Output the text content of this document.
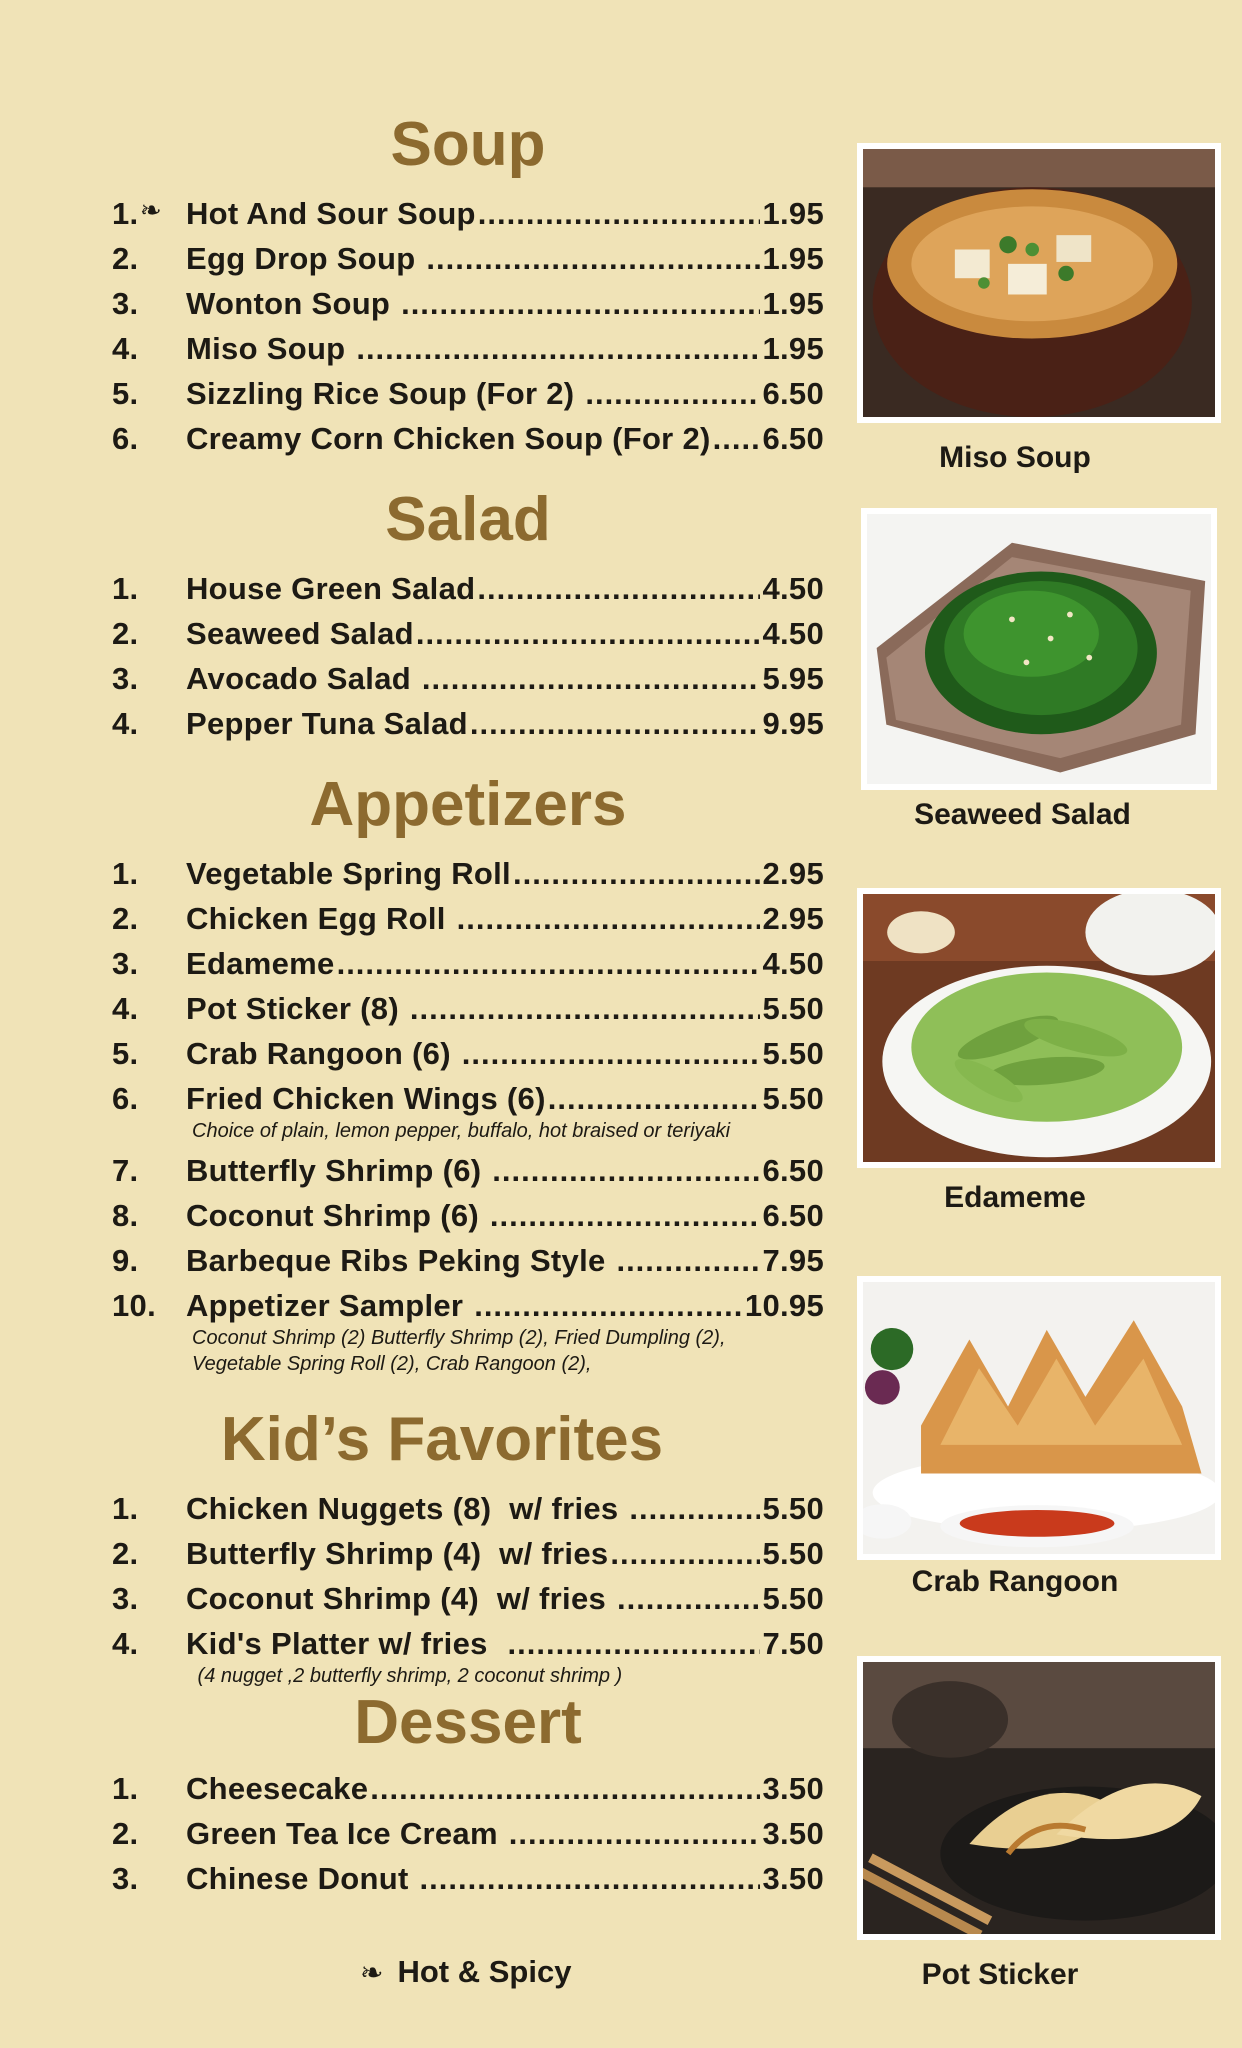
Soup
1. ❧ Hot And Sour Soup .....	1.95
2.	Egg Drop Soup .....	1.95
3.	Wonton Soup .....	1.95
4.	Miso Soup .....	1.95
5.	Sizzling Rice Soup (For 2) .....	6.50
6.	Creamy Corn Chicken Soup (For 2) ..... 6.50
Salad
1.	House Green Salad .....	4.50
2.	Seaweed Salad .....	4.50
3.	Avocado Salad .....	5.95
4.	Pepper Tuna Salad .....	9.95
Appetizers
1.	Vegetable Spring Roll .....	2.95
2.	Chicken Egg Roll .....	2.95
3.	Edameme .....	4.50
4.	Pot Sticker (8) .....	5.50
5.	Crab Rangoon (6) .....	5.50
6.	Fried Chicken Wings (6) .....	5.50
Choice of plain, lemon pepper, buffalo, hot braised or teriyaki
7.	Butterfly Shrimp (6) .....	6.50
8.	Coconut Shrimp (6) .....	6.50
9.	Barbeque Ribs Peking Style .....	7.95
10. Appetizer Sampler .....	10.95
Coconut Shrimp (2) Butterfly Shrimp (2), Fried Dumpling (2),
Vegetable Spring Roll (2), Crab Rangoon (2),
Kid’s Favorites
1.	Chicken Nuggets (8)  w/ fries .....	5.50
2.	Butterfly Shrimp (4)  w/ fries .....	5.50
3.	Coconut Shrimp (4)  w/ fries .....	5.50
4.	Kid's Platter w/ fries .....	7.50
(4 nugget ,2 butterfly shrimp, 2 coconut shrimp )
Dessert
1.	Cheesecake .....	3.50
2.	Green Tea Ice Cream .....	3.50
3.	Chinese Donut .....	3.50
Miso Soup
Seaweed Salad
Edameme
Crab Rangoon
Pot Sticker
❧ Hot & Spicy
